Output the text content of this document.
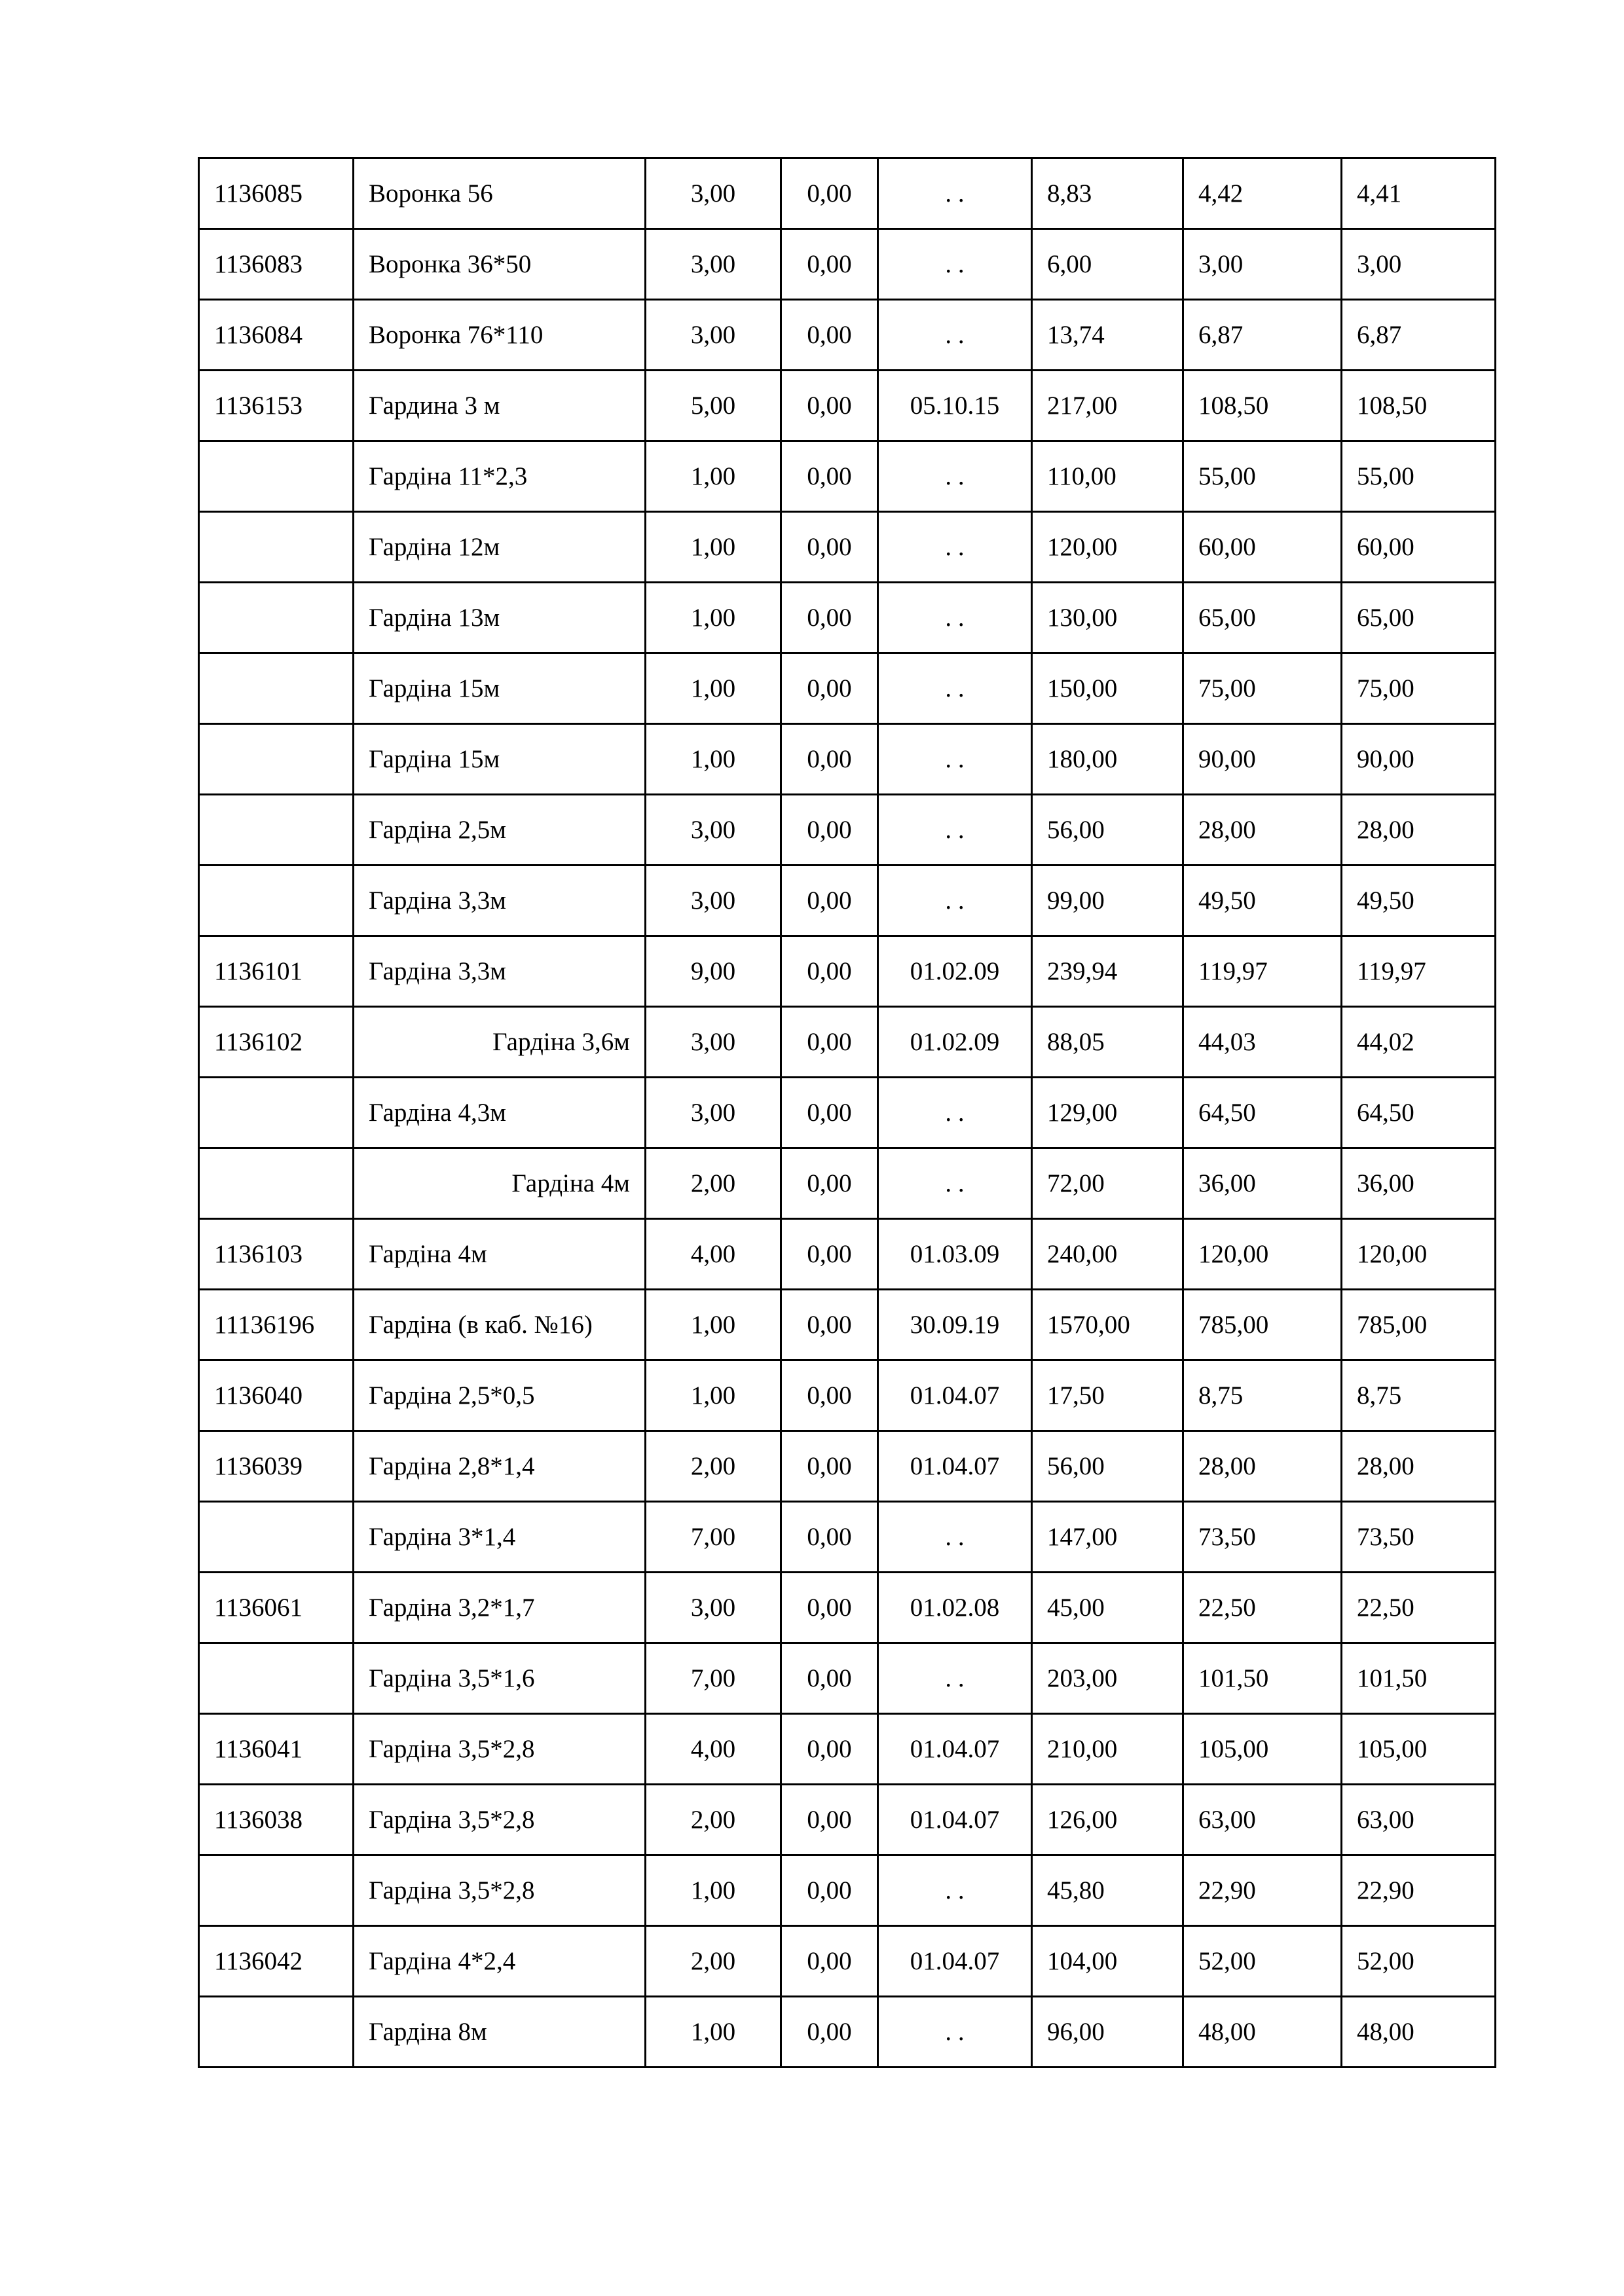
1136085	Воронка 56	3,00	0,00	. .	8,83	4,42	4,41
1136083	Воронка 36*50	3,00	0,00	. .	6,00	3,00	3,00
1136084	Воронка 76*110	3,00	0,00	. .	13,74	6,87	6,87
1136153	Гардина 3 м	5,00	0,00	05.10.15	217,00	108,50	108,50
	Гардіна 11*2,3	1,00	0,00	. .	110,00	55,00	55,00
	Гардіна 12м	1,00	0,00	. .	120,00	60,00	60,00
	Гардіна 13м	1,00	0,00	. .	130,00	65,00	65,00
	Гардіна 15м	1,00	0,00	. .	150,00	75,00	75,00
	Гардіна 15м	1,00	0,00	. .	180,00	90,00	90,00
	Гардіна 2,5м	3,00	0,00	. .	56,00	28,00	28,00
	Гардіна 3,3м	3,00	0,00	. .	99,00	49,50	49,50
1136101	Гардіна 3,3м	9,00	0,00	01.02.09	239,94	119,97	119,97
1136102	Гардіна 3,6м	3,00	0,00	01.02.09	88,05	44,03	44,02
	Гардіна 4,3м	3,00	0,00	. .	129,00	64,50	64,50
	Гардіна 4м	2,00	0,00	. .	72,00	36,00	36,00
1136103	Гардіна 4м	4,00	0,00	01.03.09	240,00	120,00	120,00
11136196	Гардіна (в каб. №16)	1,00	0,00	30.09.19	1570,00	785,00	785,00
1136040	Гардіна 2,5*0,5	1,00	0,00	01.04.07	17,50	8,75	8,75
1136039	Гардіна 2,8*1,4	2,00	0,00	01.04.07	56,00	28,00	28,00
	Гардіна 3*1,4	7,00	0,00	. .	147,00	73,50	73,50
1136061	Гардіна 3,2*1,7	3,00	0,00	01.02.08	45,00	22,50	22,50
	Гардіна 3,5*1,6	7,00	0,00	. .	203,00	101,50	101,50
1136041	Гардіна 3,5*2,8	4,00	0,00	01.04.07	210,00	105,00	105,00
1136038	Гардіна 3,5*2,8	2,00	0,00	01.04.07	126,00	63,00	63,00
	Гардіна 3,5*2,8	1,00	0,00	. .	45,80	22,90	22,90
1136042	Гардіна 4*2,4	2,00	0,00	01.04.07	104,00	52,00	52,00
	Гардіна 8м	1,00	0,00	. .	96,00	48,00	48,00
